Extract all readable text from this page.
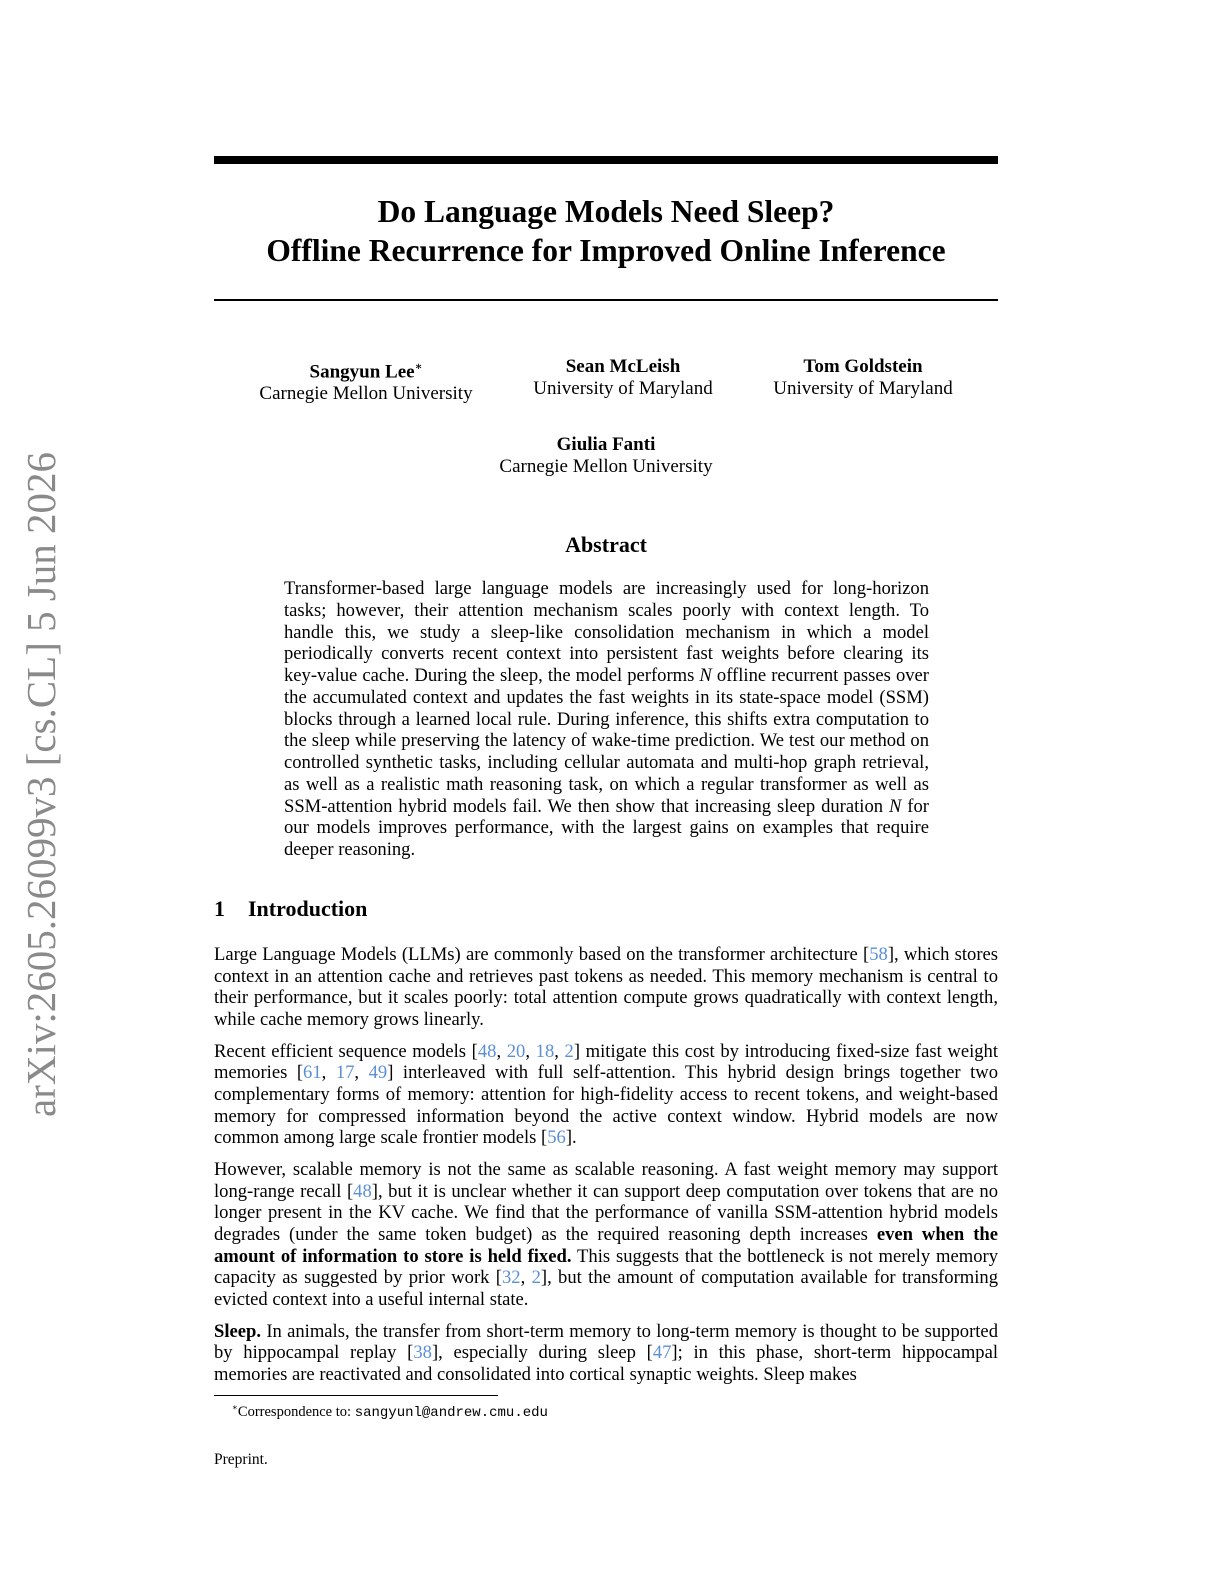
arXiv:2605.26099v3 [cs.CL] 5 Jun 2026
Do Language Models Need Sleep?
Offline Recurrence for Improved Online Inference
Sangyun Lee∗
Carnegie Mellon University
Sean McLeish
University of Maryland
Tom Goldstein
University of Maryland
Giulia Fanti
Carnegie Mellon University
Abstract

Transformer-based large language models are increasingly used for long-horizon tasks; however, their attention mechanism scales poorly with context length. To handle this, we study a sleep-like consolidation mechanism in which a model periodically converts recent context into persistent fast weights before clearing its key-value cache. During the sleep, the model performs N offline recurrent passes over the accumulated context and updates the fast weights in its state-space model (SSM) blocks through a learned local rule. During inference, this shifts extra computation to the sleep while preserving the latency of wake-time prediction. We test our method on controlled synthetic tasks, including cellular automata and multi-hop graph retrieval, as well as a realistic math reasoning task, on which a regular transformer as well as SSM-attention hybrid models fail. We then show that increasing sleep duration N for our models improves performance, with the largest gains on examples that require deeper reasoning.

1 Introduction

Large Language Models (LLMs) are commonly based on the transformer architecture [58], which stores context in an attention cache and retrieves past tokens as needed. This memory mechanism is central to their performance, but it scales poorly: total attention compute grows quadratically with context length, while cache memory grows linearly.

Recent efficient sequence models [48, 20, 18, 2] mitigate this cost by introducing fixed-size fast weight memories [61, 17, 49] interleaved with full self-attention. This hybrid design brings together two complementary forms of memory: attention for high-fidelity access to recent tokens, and weight-based memory for compressed information beyond the active context window. Hybrid models are now common among large scale frontier models [56].

However, scalable memory is not the same as scalable reasoning. A fast weight memory may support long-range recall [48], but it is unclear whether it can support deep computation over tokens that are no longer present in the KV cache. We find that the performance of vanilla SSM-attention hybrid models degrades (under the same token budget) as the required reasoning depth increases even when the amount of information to store is held fixed. This suggests that the bottleneck is not merely memory capacity as suggested by prior work [32, 2], but the amount of computation available for transforming evicted context into a useful internal state.

Sleep. In animals, the transfer from short-term memory to long-term memory is thought to be supported by hippocampal replay [38], especially during sleep [47]; in this phase, short-term hippocampal memories are reactivated and consolidated into cortical synaptic weights. Sleep makes

∗Correspondence to: sangyunl@andrew.cmu.edu
Preprint.
